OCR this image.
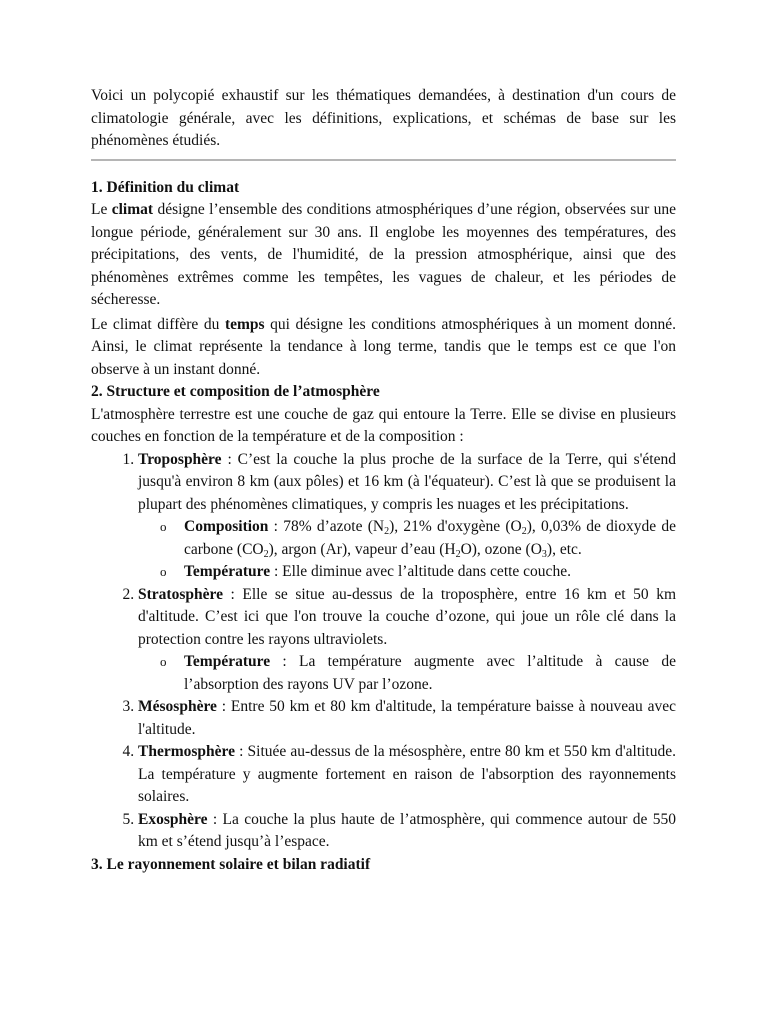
Voici un polycopié exhaustif sur les thématiques demandées, à destination d'un cours de climatologie générale, avec les définitions, explications, et schémas de base sur les phénomènes étudiés.

1. Définition du climat

Le climat désigne l’ensemble des conditions atmosphériques d’une région, observées sur une longue période, généralement sur 30 ans. Il englobe les moyennes des températures, des précipitations, des vents, de l'humidité, de la pression atmosphérique, ainsi que des phénomènes extrêmes comme les tempêtes, les vagues de chaleur, et les périodes de sécheresse.

Le climat diffère du temps qui désigne les conditions atmosphériques à un moment donné. Ainsi, le climat représente la tendance à long terme, tandis que le temps est ce que l'on observe à un instant donné.

2. Structure et composition de l’atmosphère

L'atmosphère terrestre est une couche de gaz qui entoure la Terre. Elle se divise en plusieurs couches en fonction de la température et de la composition :

1. Troposphère : C’est la couche la plus proche de la surface de la Terre, qui s'étend jusqu'à environ 8 km (aux pôles) et 16 km (à l'équateur). C’est là que se produisent la plupart des phénomènes climatiques, y compris les nuages et les précipitations.
o Composition : 78% d’azote $(N_2)$, 21% d'oxygène $(O_2)$, 0,03% de dioxyde de carbone $(CO_2)$, argon (Ar), vapeur d’eau $(H_2O)$, ozone $(O_3)$, etc.
o Température : Elle diminue avec l’altitude dans cette couche.
2. Stratosphère : Elle se situe au-dessus de la troposphère, entre 16 km et 50 km d'altitude. C’est ici que l'on trouve la couche d’ozone, qui joue un rôle clé dans la protection contre les rayons ultraviolets.
o Température : La température augmente avec l’altitude à cause de l’absorption des rayons UV par l’ozone.
3. Mésosphère : Entre 50 km et 80 km d'altitude, la température baisse à nouveau avec l'altitude.
4. Thermosphère : Située au-dessus de la mésosphère, entre 80 km et 550 km d'altitude. La température y augmente fortement en raison de l'absorption des rayonnements solaires.
5. Exosphère : La couche la plus haute de l’atmosphère, qui commence autour de 550 km et s’étend jusqu’à l’espace.
3. Le rayonnement solaire et bilan radiatif
